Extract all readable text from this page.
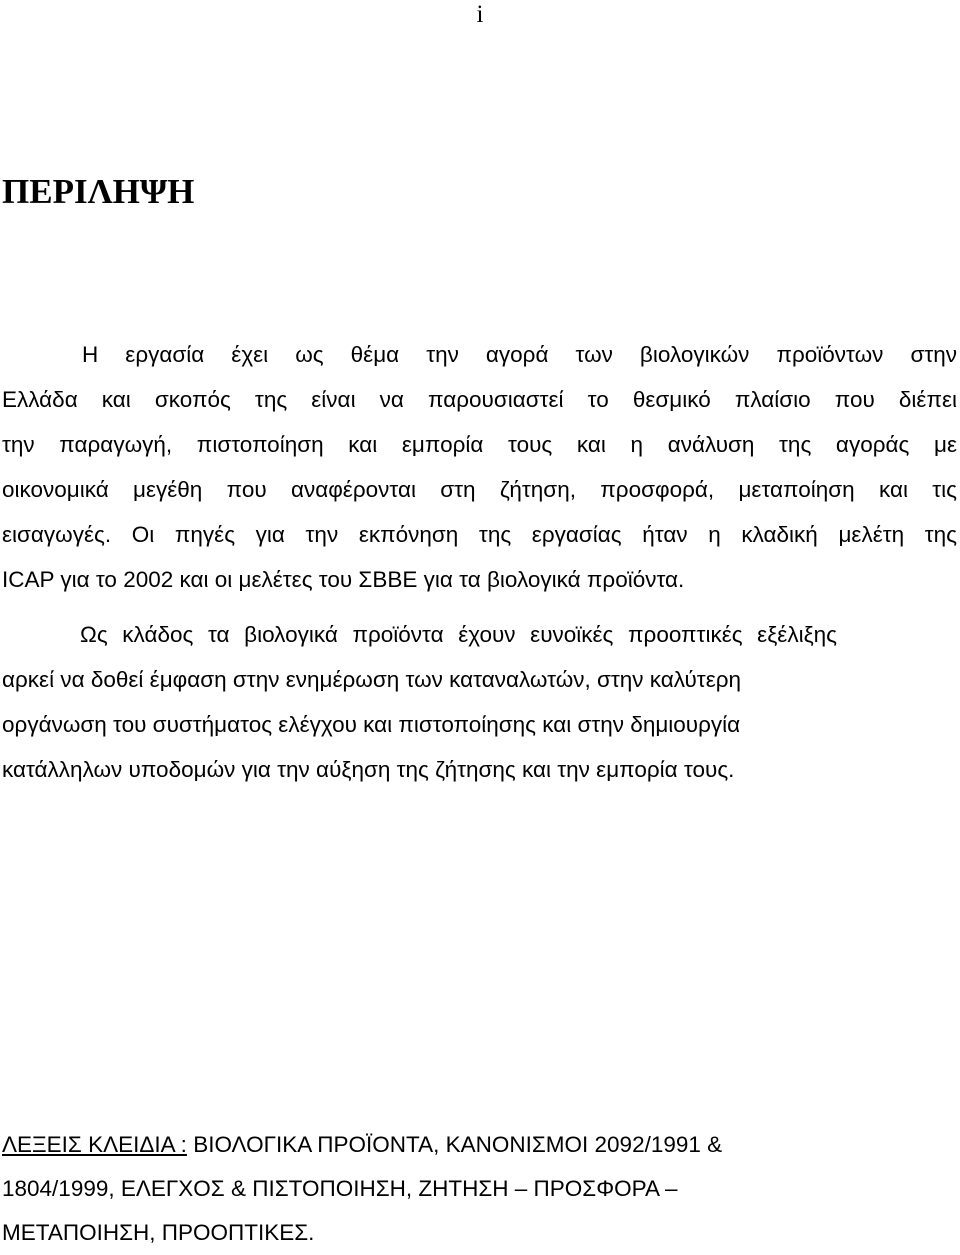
i
ΠΕΡΙΛΗΨΗ
Η εργασία έχει ως θέμα την αγορά των βιολογικών προϊόντων στην
Ελλάδα και σκοπός της είναι να παρουσιαστεί το θεσμικό πλαίσιο που διέπει
την παραγωγή, πιστοποίηση και εμπορία τους και η ανάλυση της αγοράς με
οικονομικά μεγέθη που αναφέρονται στη ζήτηση, προσφορά, μεταποίηση και τις
εισαγωγές. Οι πηγές για την εκπόνηση της εργασίας ήταν η κλαδική μελέτη της
ICAP για το 2002 και οι μελέτες του ΣΒΒΕ για τα βιολογικά προϊόντα.
Ως κλάδος τα βιολογικά προϊόντα έχουν ευνοϊκές προοπτικές εξέλιξης
αρκεί να δοθεί έμφαση στην ενημέρωση των καταναλωτών, στην καλύτερη
οργάνωση του συστήματος ελέγχου και πιστοποίησης και στην δημιουργία
κατάλληλων υποδομών για την αύξηση της ζήτησης και την εμπορία τους.
ΛΕΞΕΙΣ ΚΛΕΙΔΙΑ : ΒΙΟΛΟΓΙΚΑ ΠΡΟΪΟΝΤΑ, ΚΑΝΟΝΙΣΜΟΙ 2092/1991 &
1804/1999, ΕΛΕΓΧΟΣ & ΠΙΣΤΟΠΟΙΗΣΗ, ΖΗΤΗΣΗ – ΠΡΟΣΦΟΡΑ –
ΜΕΤΑΠΟΙΗΣΗ, ΠΡΟΟΠΤΙΚΕΣ.
